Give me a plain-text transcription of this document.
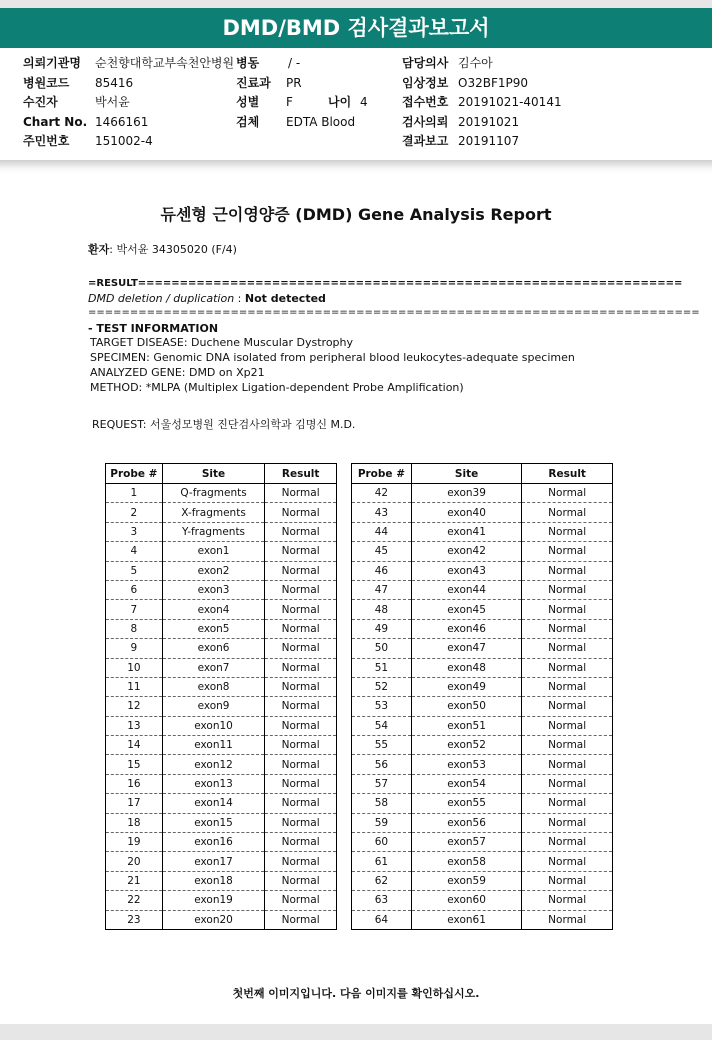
DMD/BMD 검사결과보고서
의뢰기관명 순천향대학교부속천안병원
병원코드 85416
수진자	박서윤
Chart No. 1466161
주민번호 151002-4
병동 / -
진료과 PR
성별 F	나이 4
검체 EDTA Blood
담당의사 김수아
임상정보 O32BF1P90
접수번호 20191021-40141
검사의뢰 20191021
결과보고 20191107
듀센형 근이영양증 (DMD) Gene Analysis Report
환자: 박서윤 34305020 (F/4)
=RESULT=================================================================
DMD deletion / duplication : Not detected
=========================================================================
- TEST INFORMATION
TARGET DISEASE: Duchene Muscular Dystrophy
SPECIMEN: Genomic DNA isolated from peripheral blood leukocytes-adequate specimen
ANALYZED GENE: DMD on Xp21
METHOD: *MLPA (Multiplex Ligation-dependent Probe Amplification)
REQUEST: 서울성모병원 진단검사의학과 김명신 M.D.
Probe #	Site	Result
1	Q-fragments	Normal
2	X-fragments	Normal
3	Y-fragments	Normal
4	exon1	Normal
5	exon2	Normal
6	exon3	Normal
7	exon4	Normal
8	exon5	Normal
9	exon6	Normal
10	exon7	Normal
11	exon8	Normal
12	exon9	Normal
13	exon10	Normal
14	exon11	Normal
15	exon12	Normal
16	exon13	Normal
17	exon14	Normal
18	exon15	Normal
19	exon16	Normal
20	exon17	Normal
21	exon18	Normal
22	exon19	Normal
23	exon20	Normal
Probe #	Site	Result
42	exon39	Normal
43	exon40	Normal
44	exon41	Normal
45	exon42	Normal
46	exon43	Normal
47	exon44	Normal
48	exon45	Normal
49	exon46	Normal
50	exon47	Normal
51	exon48	Normal
52	exon49	Normal
53	exon50	Normal
54	exon51	Normal
55	exon52	Normal
56	exon53	Normal
57	exon54	Normal
58	exon55	Normal
59	exon56	Normal
60	exon57	Normal
61	exon58	Normal
62	exon59	Normal
63	exon60	Normal
64	exon61	Normal
첫번째 이미지입니다. 다음 이미지를 확인하십시오.
